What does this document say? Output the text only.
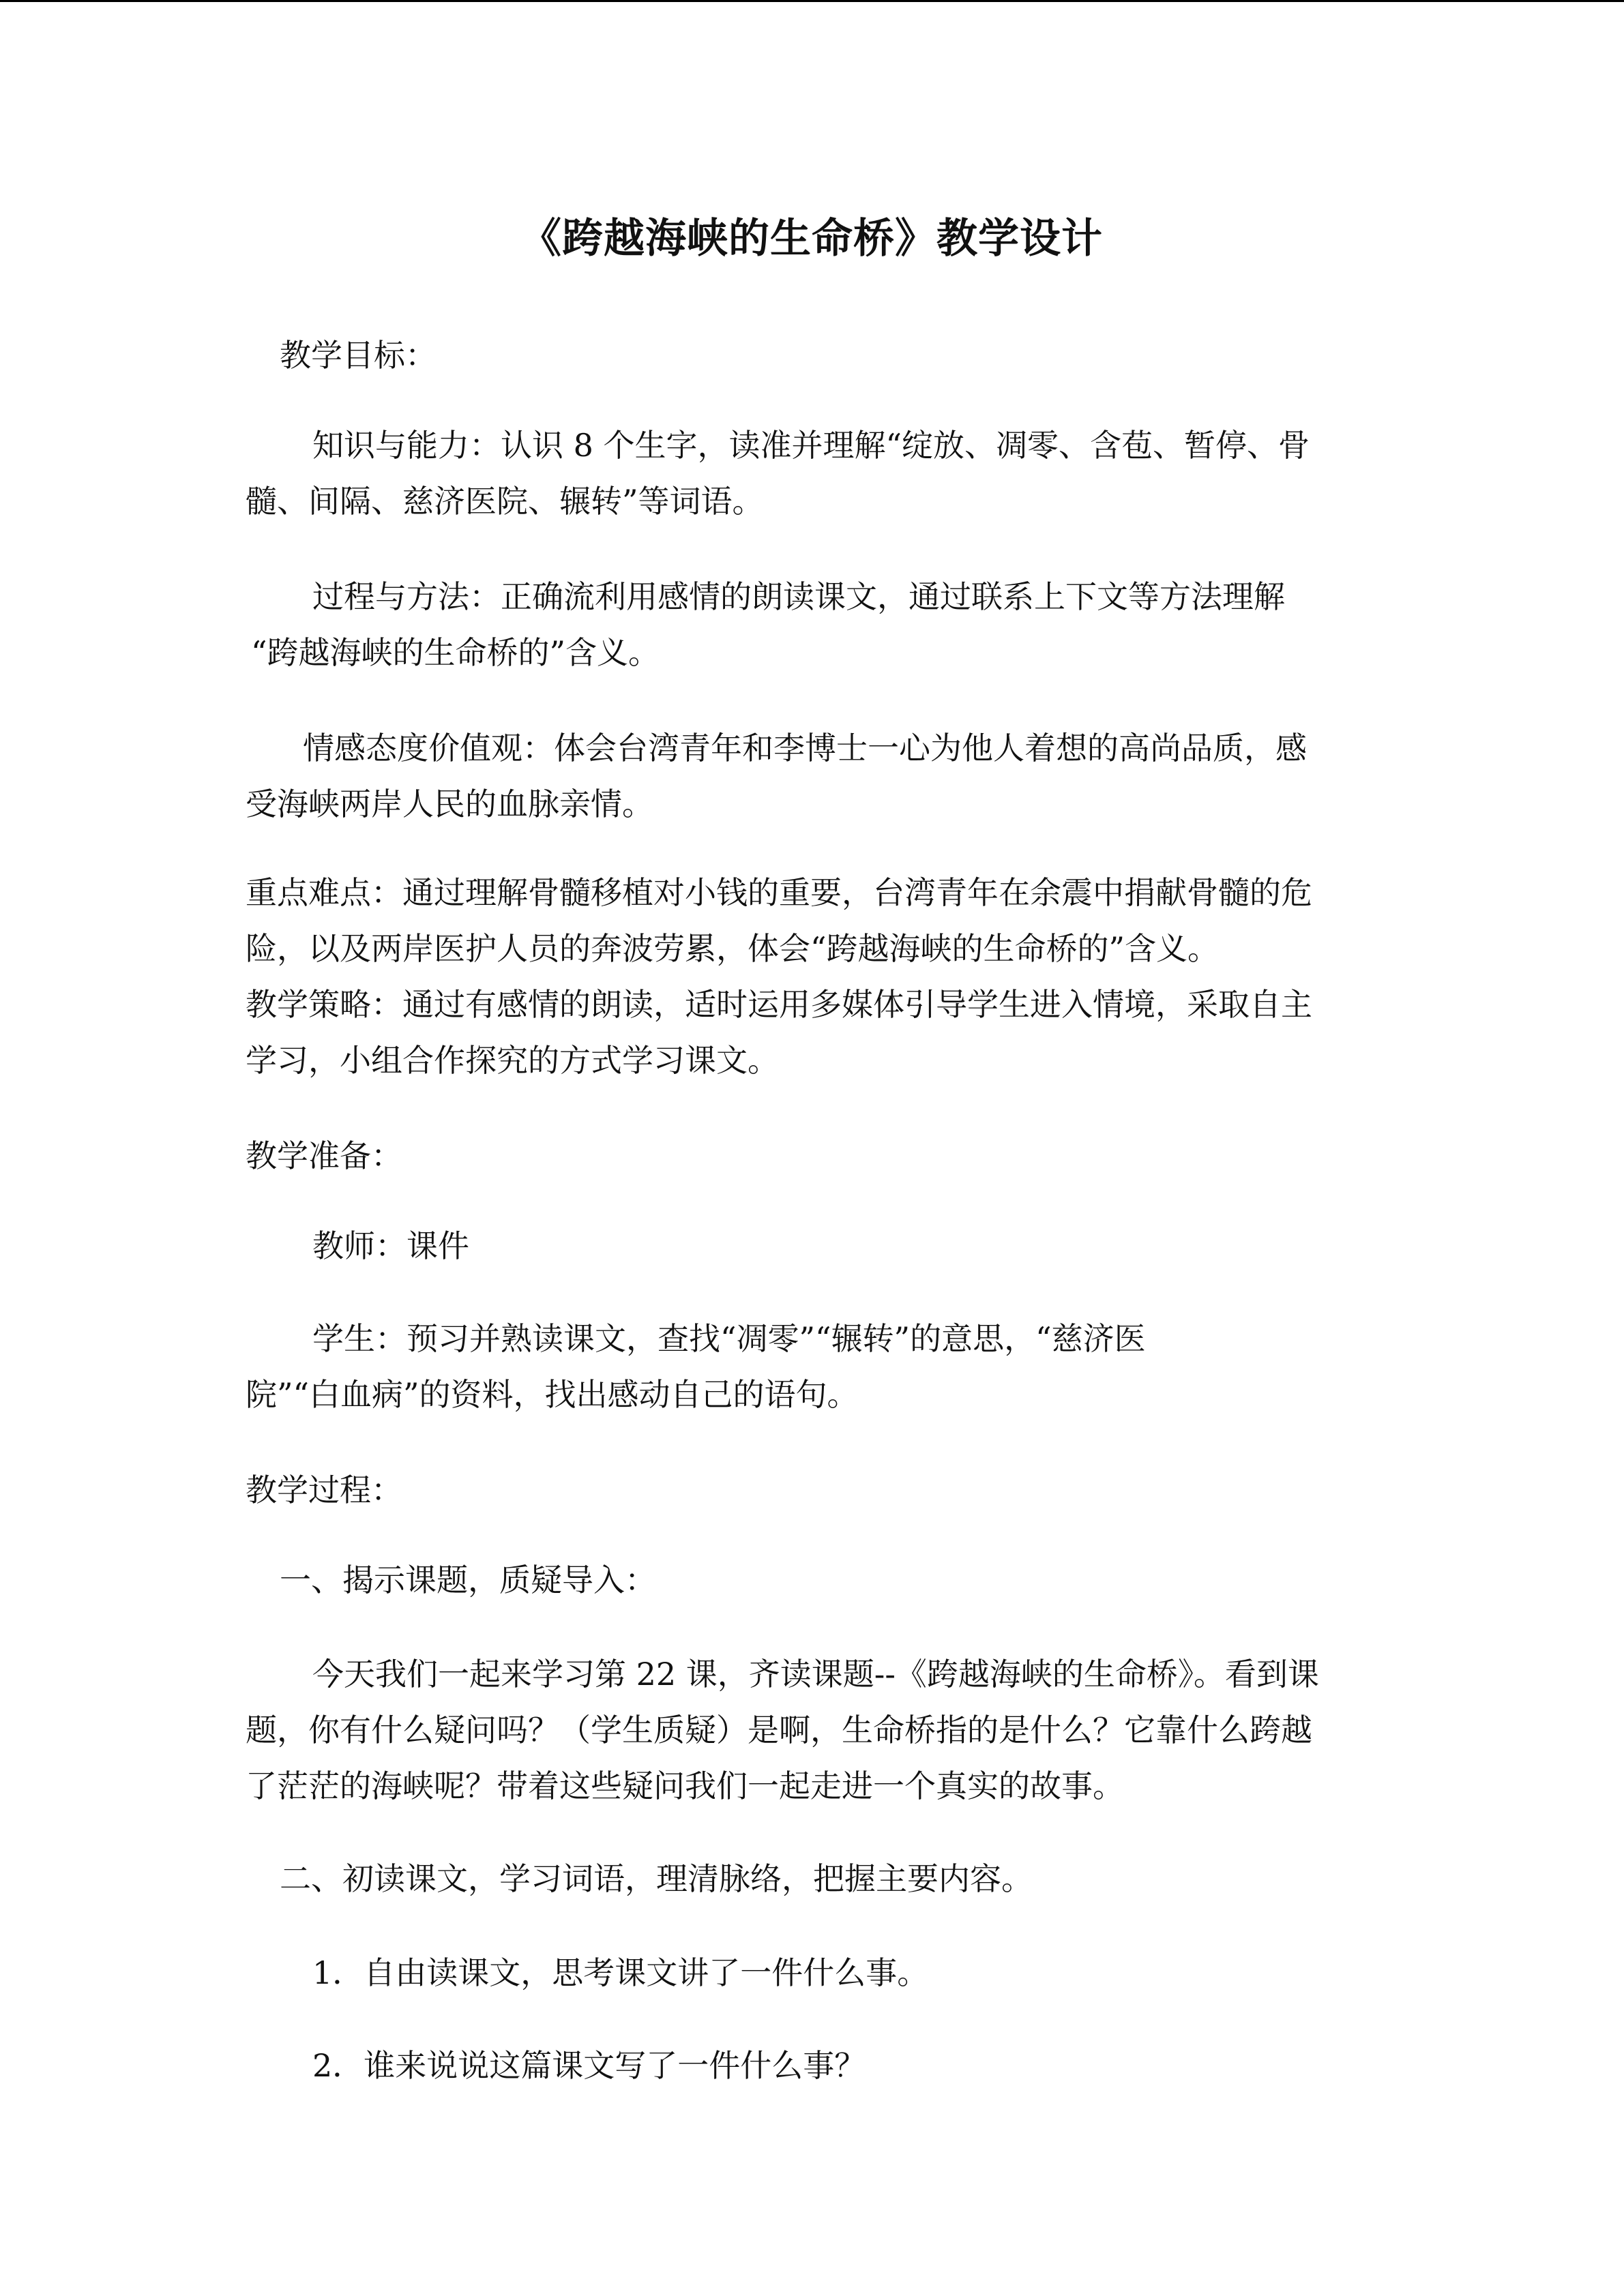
《跨越海峡的生命桥》教学设计
教学目标：
知识与能力：认识 8 个生字，读准并理解“绽放、凋零、含苞、暂停、骨
髓、间隔、慈济医院、辗转”等词语。
过程与方法：正确流利用感情的朗读课文，通过联系上下文等方法理解
“跨越海峡的生命桥的”含义。
情感态度价值观：体会台湾青年和李博士一心为他人着想的高尚品质，感
受海峡两岸人民的血脉亲情。
重点难点：通过理解骨髓移植对小钱的重要，台湾青年在余震中捐献骨髓的危
险，以及两岸医护人员的奔波劳累，体会“跨越海峡的生命桥的”含义。
教学策略：通过有感情的朗读，适时运用多媒体引导学生进入情境，采取自主
学习，小组合作探究的方式学习课文。
教学准备：
教师：课件
学生：预习并熟读课文，查找“凋零”“辗转”的意思，“慈济医
院”“白血病”的资料，找出感动自己的语句。
教学过程：
一、揭示课题，质疑导入：
今天我们一起来学习第 22 课，齐读课题--《跨越海峡的生命桥》。看到课
题，你有什么疑问吗？（学生质疑）是啊，生命桥指的是什么？它靠什么跨越
了茫茫的海峡呢？带着这些疑问我们一起走进一个真实的故事。
二、初读课文，学习词语，理清脉络，把握主要内容。
1．自由读课文，思考课文讲了一件什么事。
2．谁来说说这篇课文写了一件什么事？
